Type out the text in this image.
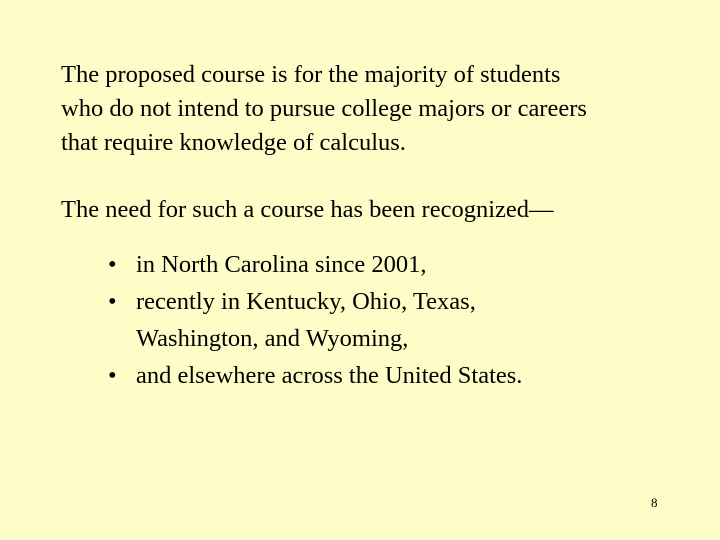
The proposed course is for the majority of students
who do not intend to pursue college majors or careers
that require knowledge of calculus.

The need for such a course has been recognized—

• in North Carolina since 2001,
• recently in Kentucky, Ohio, Texas,
Washington, and Wyoming,
• and elsewhere across the United States.
8
